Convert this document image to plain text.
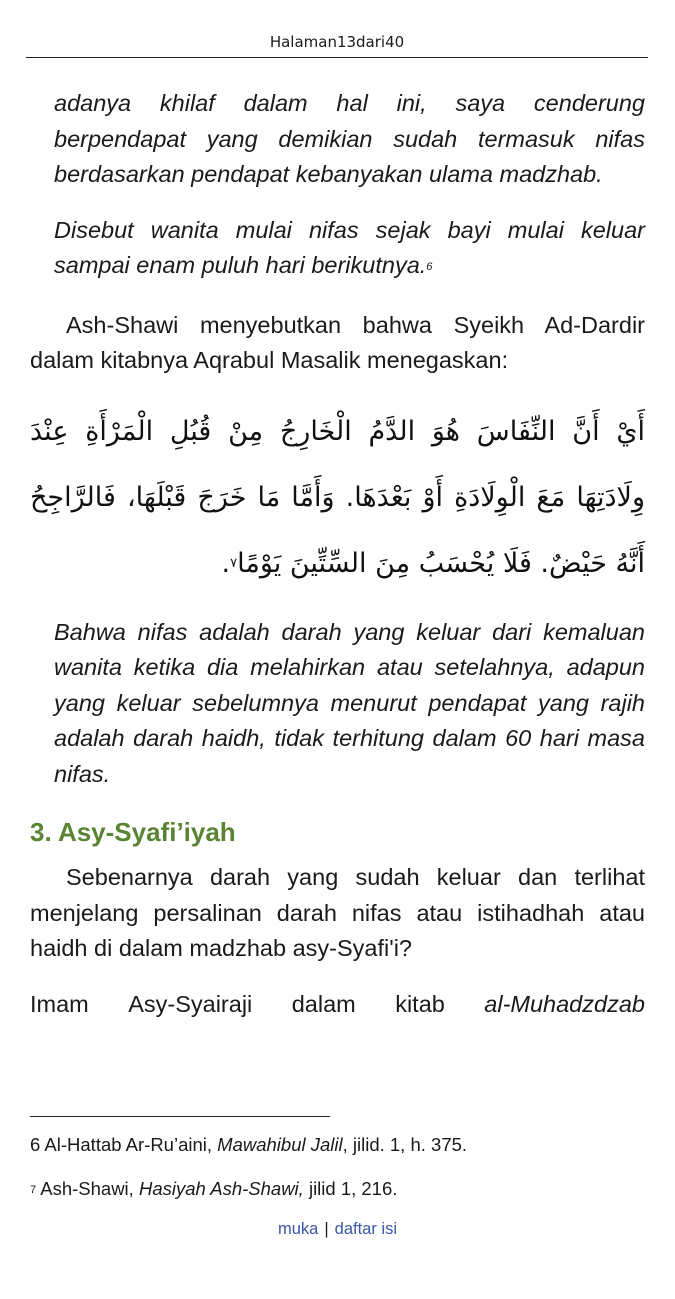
Halaman13dari40

adanya khilaf dalam hal ini, saya cenderung berpendapat yang demikian sudah termasuk nifas berdasarkan pendapat kebanyakan ulama madzhab.

Disebut wanita mulai nifas sejak bayi mulai keluar sampai enam puluh hari berikutnya.$^6$

Ash-Shawi menyebutkan bahwa Syeikh Ad-Dardir dalam kitabnya Aqrabul Masalik menegaskan:

أَيْ أَنَّ النِّفَاسَ هُوَ الدَّمُ الْخَارِجُ مِنْ قُبُلِ الْمَرْأَةِ عِنْدَ وِلَادَتِهَا مَعَ الْوِلَادَةِ أَوْ بَعْدَهَا. وَأَمَّا مَا خَرَجَ قَبْلَهَا، فَالرَّاجِحُ أَنَّهُ حَيْضٌ. فَلَا يُحْسَبُ مِنَ السِّتِّينَ يَوْمًا$^٧$.

Bahwa nifas adalah darah yang keluar dari kemaluan wanita ketika dia melahirkan atau setelahnya, adapun yang keluar sebelumnya menurut pendapat yang rajih adalah darah haidh, tidak terhitung dalam 60 hari masa nifas.

3. Asy-Syafi’iyah

Sebenarnya darah yang sudah keluar dan terlihat menjelang persalinan darah nifas atau istihadhah atau haidh di dalam madzhab asy-Syafi'i?

Imam Asy-Syairaji dalam kitab al-Muhadzdzab
6 Al-Hattab Ar-Ru’aini, Mawahibul Jalil, jilid. 1, h. 375.
$^7$ Ash-Shawi, Hasiyah Ash-Shawi, jilid 1, 216.
muka | daftar isi
